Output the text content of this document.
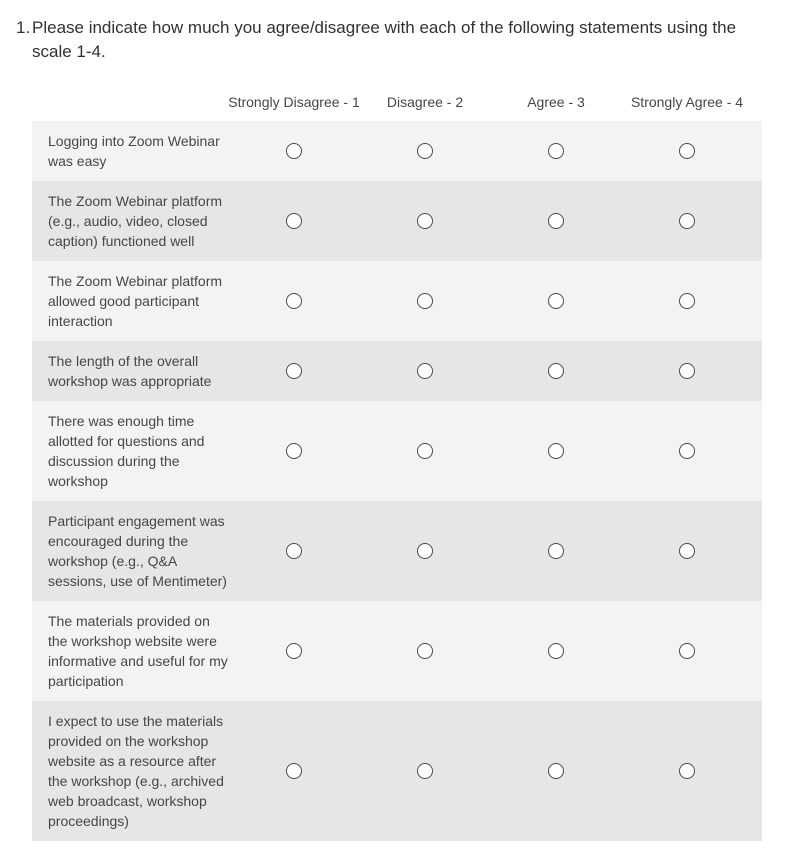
1. Please indicate how much you agree/disagree with each of the following statements using the scale 1-4.
Strongly Disagree - 1 Disagree - 2	Agree - 3	Strongly Agree - 4
Logging into Zoom Webinar was easy
The Zoom Webinar platform (e.g., audio, video, closed caption) functioned well
The Zoom Webinar platform allowed good participant interaction
The length of the overall workshop was appropriate
There was enough time allotted for questions and discussion during the workshop
Participant engagement was encouraged during the workshop (e.g., Q&A sessions, use of Mentimeter)
The materials provided on the workshop website were informative and useful for my participation
I expect to use the materials provided on the workshop website as a resource after the workshop (e.g., archived web broadcast, workshop proceedings)
